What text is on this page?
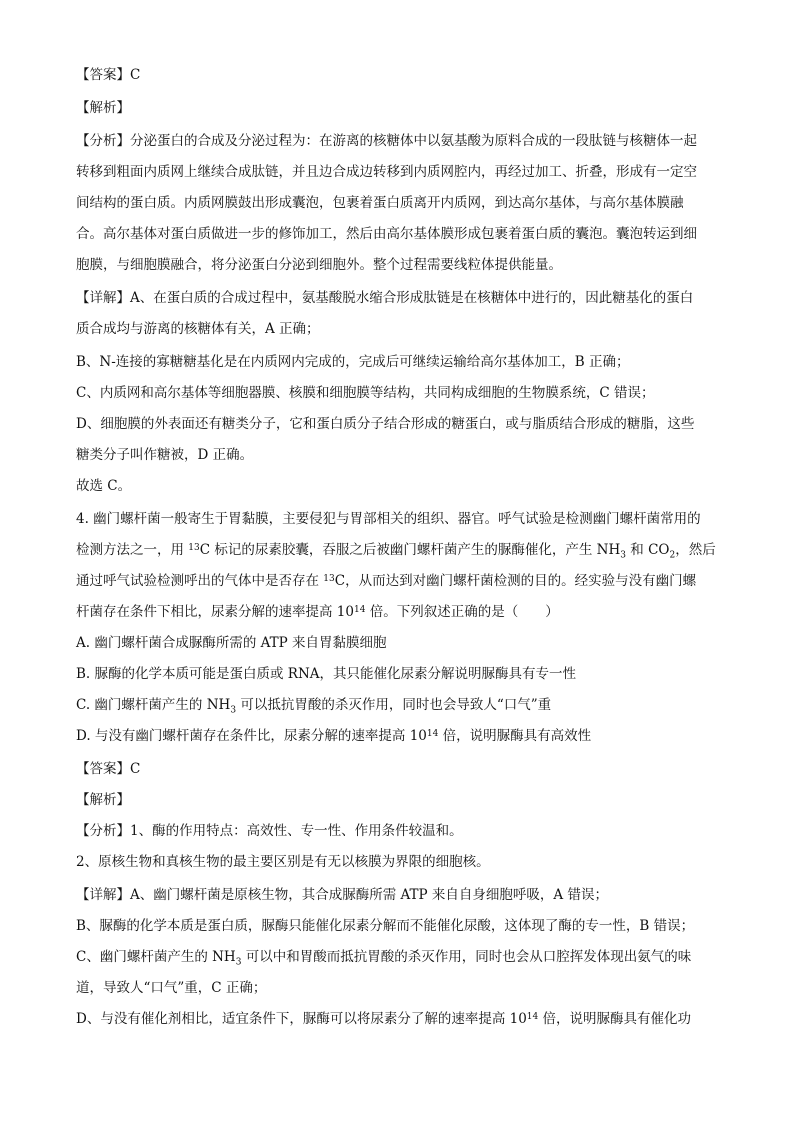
【答案】C
【解析】
【分析】分泌蛋白的合成及分泌过程为：在游离的核糖体中以氨基酸为原料合成的一段肽链与核糖体一起
转移到粗面内质网上继续合成肽链，并且边合成边转移到内质网腔内，再经过加工、折叠，形成有一定空
间结构的蛋白质。内质网膜鼓出形成囊泡，包裹着蛋白质离开内质网，到达高尔基体，与高尔基体膜融
合。高尔基体对蛋白质做进一步的修饰加工，然后由高尔基体膜形成包裹着蛋白质的囊泡。囊泡转运到细
胞膜，与细胞膜融合，将分泌蛋白分泌到细胞外。整个过程需要线粒体提供能量。
【详解】A、在蛋白质的合成过程中，氨基酸脱水缩合形成肽链是在核糖体中进行的，因此糖基化的蛋白
质合成均与游离的核糖体有关，A 正确；
B、N-连接的寡糖糖基化是在内质网内完成的，完成后可继续运输给高尔基体加工，B 正确；
C、内质网和高尔基体等细胞器膜、核膜和细胞膜等结构，共同构成细胞的生物膜系统，C 错误；
D、细胞膜的外表面还有糖类分子，它和蛋白质分子结合形成的糖蛋白，或与脂质结合形成的糖脂，这些
糖类分子叫作糖被，D 正确。
故选 C。
4. 幽门螺杆菌一般寄生于胃黏膜，主要侵犯与胃部相关的组织、器官。呼气试验是检测幽门螺杆菌常用的
检测方法之一，用 $^{13}$C 标记的尿素胶囊，吞服之后被幽门螺杆菌产生的脲酶催化，产生 $NH_3$ 和 $CO_2$，然后
通过呼气试验检测呼出的气体中是否存在 $^{13}$C，从而达到对幽门螺杆菌检测的目的。经实验与没有幽门螺
杆菌存在条件下相比，尿素分解的速率提高 $10^{14}$ 倍。下列叙述正确的是（　　）
A. 幽门螺杆菌合成脲酶所需的 ATP 来自胃黏膜细胞
B. 脲酶的化学本质可能是蛋白质或 RNA，其只能催化尿素分解说明脲酶具有专一性
C. 幽门螺杆菌产生的 $NH_3$ 可以抵抗胃酸的杀灭作用，同时也会导致人“口气”重
D. 与没有幽门螺杆菌存在条件比，尿素分解的速率提高 $10^{14}$ 倍，说明脲酶具有高效性
【答案】C
【解析】
【分析】1、酶的作用特点：高效性、专一性、作用条件较温和。
2、原核生物和真核生物的最主要区别是有无以核膜为界限的细胞核。
【详解】A、幽门螺杆菌是原核生物，其合成脲酶所需 ATP 来自自身细胞呼吸，A 错误；
B、脲酶的化学本质是蛋白质，脲酶只能催化尿素分解而不能催化尿酸，这体现了酶的专一性，B 错误；
C、幽门螺杆菌产生的 $NH_3$ 可以中和胃酸而抵抗胃酸的杀灭作用，同时也会从口腔挥发体现出氨气的味
道，导致人“口气”重，C 正确；
D、与没有催化剂相比，适宜条件下，脲酶可以将尿素分了解的速率提高 $10^{14}$ 倍，说明脲酶具有催化功
